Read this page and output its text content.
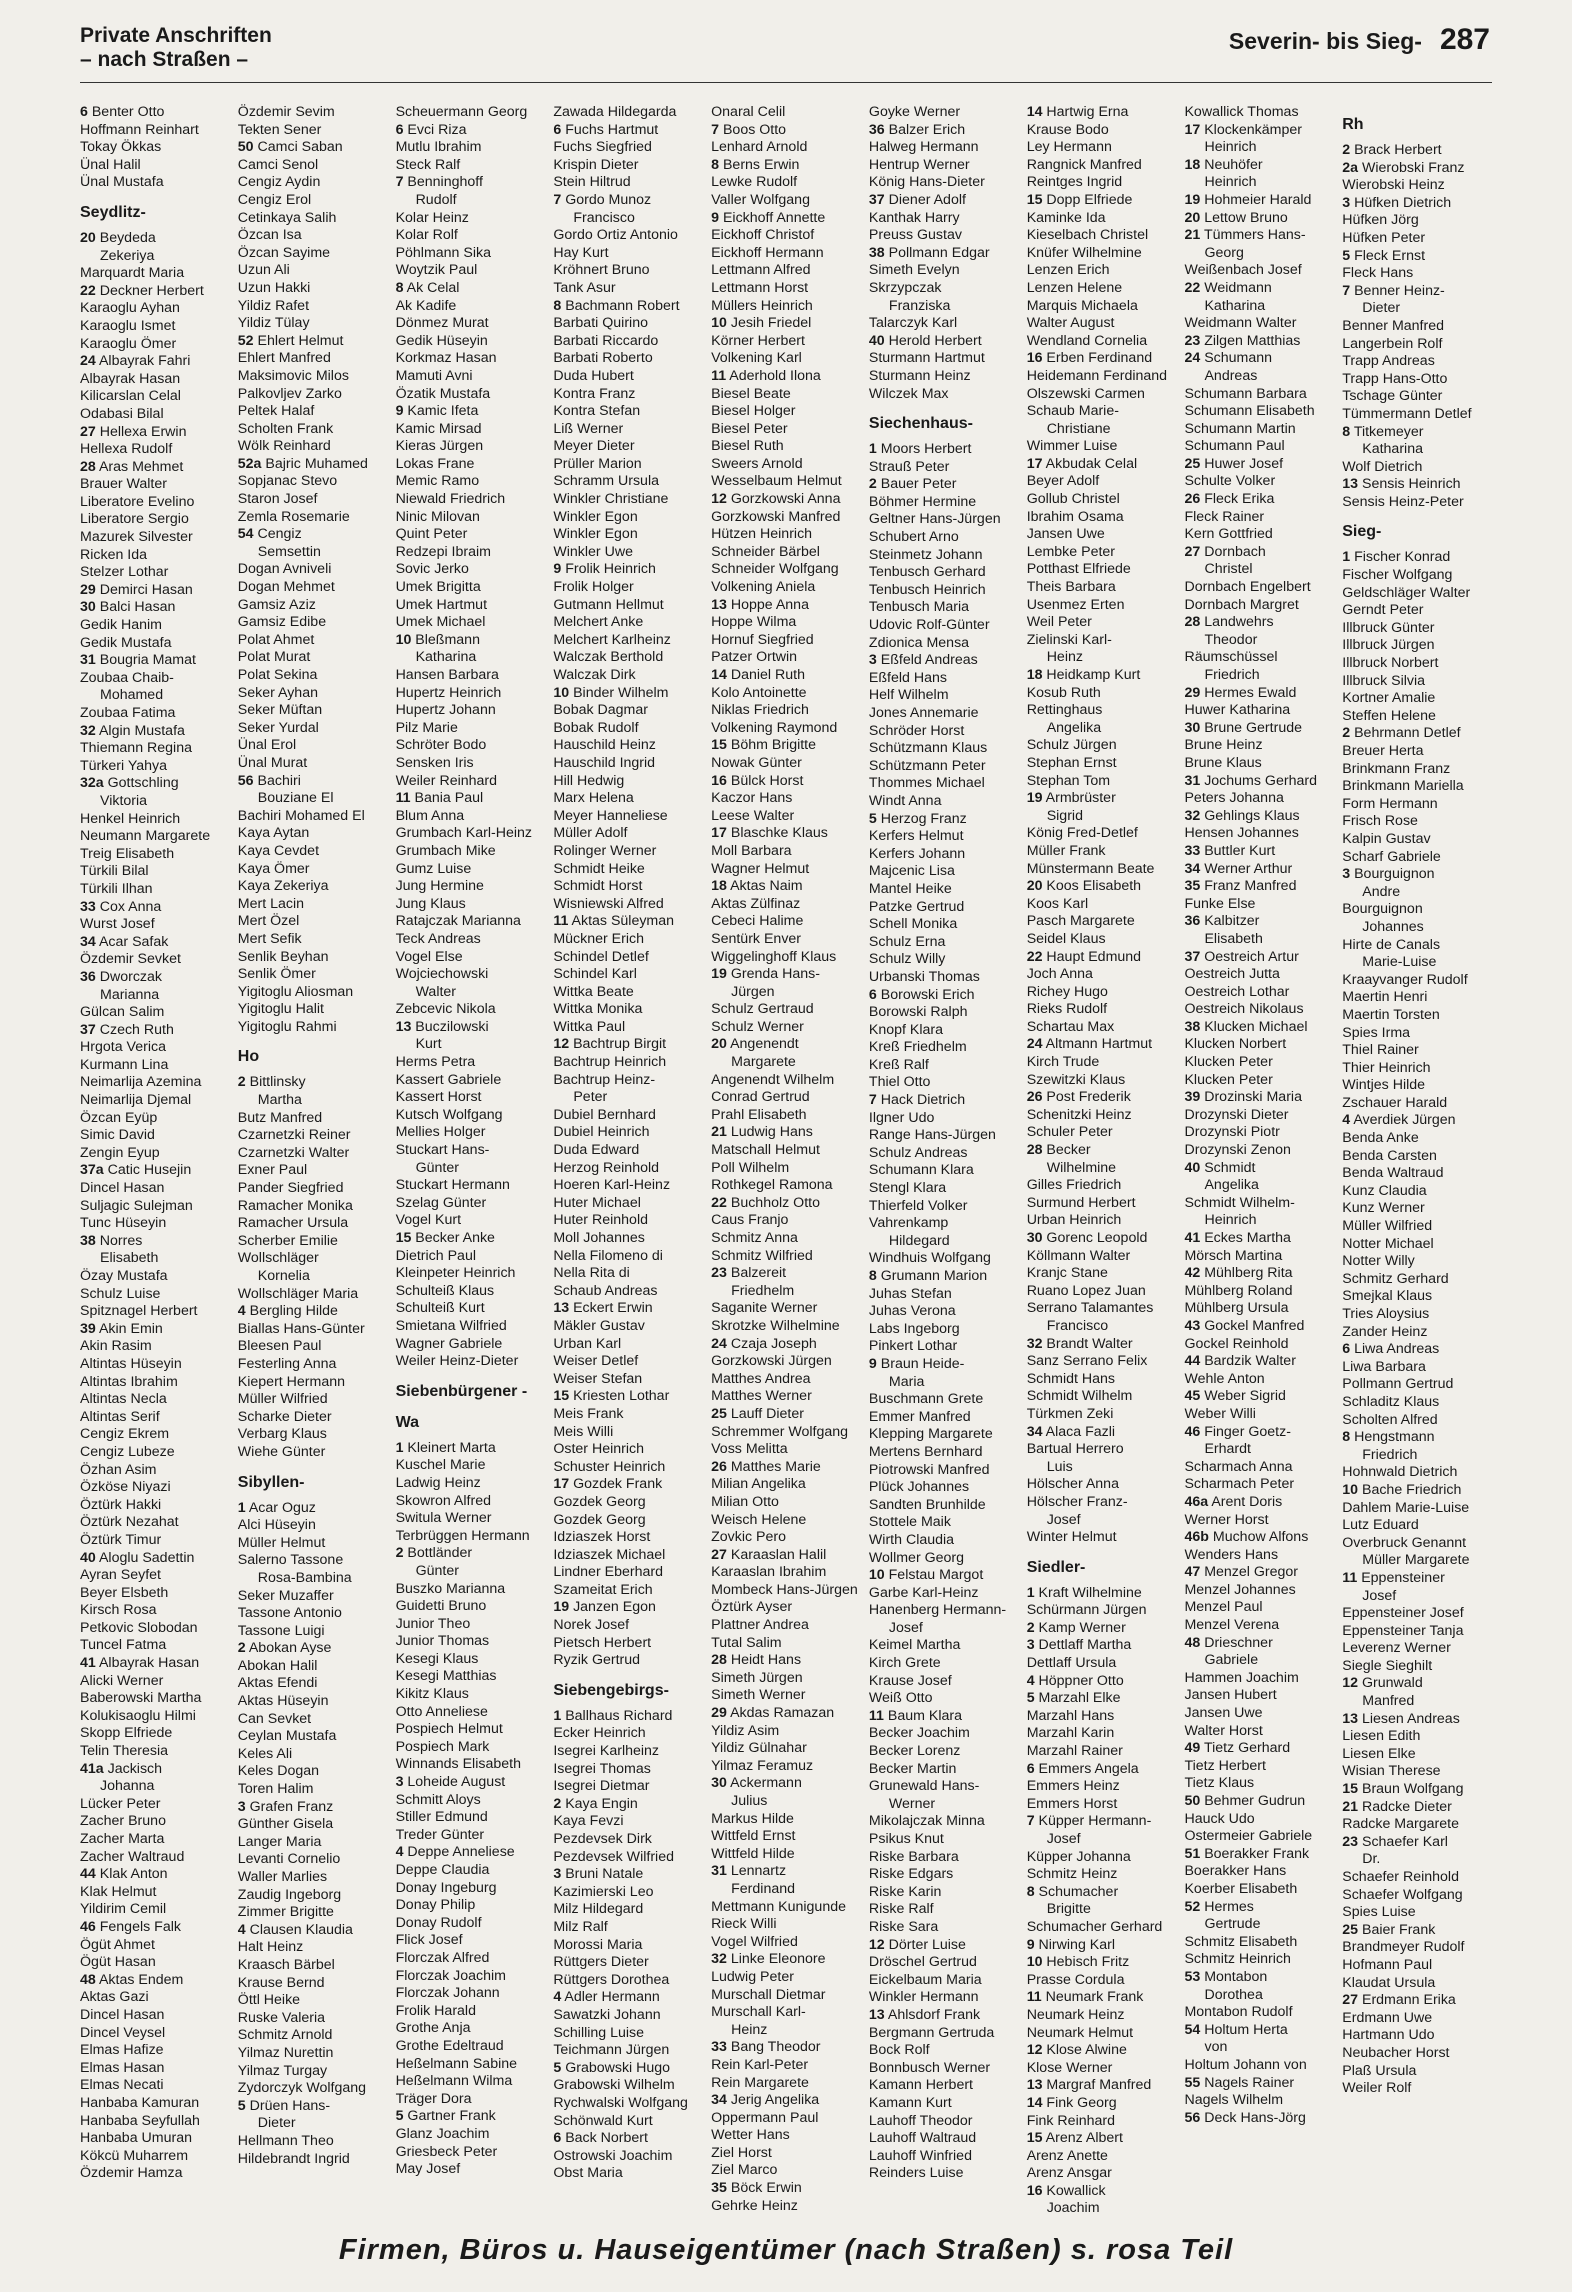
Private Anschriften
– nach Straßen –
Severin- bis Sieg- 287
6 Benter Otto
Hoffmann Reinhart
Tokay Ökkas
Ünal Halil
Ünal Mustafa
Seydlitz-
20 Beydeda
Zekeriya
Marquardt Maria
22 Deckner Herbert
Karaoglu Ayhan
Karaoglu Ismet
Karaoglu Ömer
24 Albayrak Fahri
Albayrak Hasan
Kilicarslan Celal
Odabasi Bilal
27 Hellexa Erwin
Hellexa Rudolf
28 Aras Mehmet
Brauer Walter
Liberatore Evelino
Liberatore Sergio
Mazurek Silvester
Ricken Ida
Stelzer Lothar
29 Demirci Hasan
30 Balci Hasan
Gedik Hanim
Gedik Mustafa
31 Bougria Mamat
Zoubaa Chaib-
Mohamed
Zoubaa Fatima
32 Algin Mustafa
Thiemann Regina
Türkeri Yahya
32a Gottschling
Viktoria
Henkel Heinrich
Neumann Margarete
Treig Elisabeth
Türkili Bilal
Türkili Ilhan
33 Cox Anna
Wurst Josef
34 Acar Safak
Özdemir Sevket
36 Dworczak
Marianna
Gülcan Salim
37 Czech Ruth
Hrgota Verica
Kurmann Lina
Neimarlija Azemina
Neimarlija Djemal
Özcan Eyüp
Simic David
Zengin Eyup
37a Catic Husejin
Dincel Hasan
Suljagic Sulejman
Tunc Hüseyin
38 Norres
Elisabeth
Özay Mustafa
Schulz Luise
Spitznagel Herbert
39 Akin Emin
Akin Rasim
Altintas Hüseyin
Altintas Ibrahim
Altintas Necla
Altintas Serif
Cengiz Ekrem
Cengiz Lubeze
Özhan Asim
Özköse Niyazi
Öztürk Hakki
Öztürk Nezahat
Öztürk Timur
40 Aloglu Sadettin
Ayran Seyfet
Beyer Elsbeth
Kirsch Rosa
Petkovic Slobodan
Tuncel Fatma
41 Albayrak Hasan
Alicki Werner
Baberowski Martha
Kolukisaoglu Hilmi
Skopp Elfriede
Telin Theresia
41a Jackisch
Johanna
Lücker Peter
Zacher Bruno
Zacher Marta
Zacher Waltraud
44 Klak Anton
Klak Helmut
Yildirim Cemil
46 Fengels Falk
Ögüt Ahmet
Ögüt Hasan
48 Aktas Endem
Aktas Gazi
Dincel Hasan
Dincel Veysel
Elmas Hafize
Elmas Hasan
Elmas Necati
Hanbaba Kamuran
Hanbaba Seyfullah
Hanbaba Umuran
Kökcü Muharrem
Özdemir Hamza
Özdemir Sevim
Tekten Sener
50 Camci Saban
Camci Senol
Cengiz Aydin
Cengiz Erol
Cetinkaya Salih
Özcan Isa
Özcan Sayime
Uzun Ali
Uzun Hakki
Yildiz Rafet
Yildiz Tülay
52 Ehlert Helmut
Ehlert Manfred
Maksimovic Milos
Palkovljev Zarko
Peltek Halaf
Scholten Frank
Wölk Reinhard
52a Bajric Muhamed
Sopjanac Stevo
Staron Josef
Zemla Rosemarie
54 Cengiz
Semsettin
Dogan Avniveli
Dogan Mehmet
Gamsiz Aziz
Gamsiz Edibe
Polat Ahmet
Polat Murat
Polat Sekina
Seker Ayhan
Seker Müftan
Seker Yurdal
Ünal Erol
Ünal Murat
56 Bachiri
Bouziane El
Bachiri Mohamed El
Kaya Aytan
Kaya Cevdet
Kaya Ömer
Kaya Zekeriya
Mert Lacin
Mert Özel
Mert Sefik
Senlik Beyhan
Senlik Ömer
Yigitoglu Aliosman
Yigitoglu Halit
Yigitoglu Rahmi
Ho
2 Bittlinsky
Martha
Butz Manfred
Czarnetzki Reiner
Czarnetzki Walter
Exner Paul
Pander Siegfried
Ramacher Monika
Ramacher Ursula
Scherber Emilie
Wollschläger
Kornelia
Wollschläger Maria
4 Bergling Hilde
Biallas Hans-Günter
Bleesen Paul
Festerling Anna
Kiepert Hermann
Müller Wilfried
Scharke Dieter
Verbarg Klaus
Wiehe Günter
Sibyllen-
1 Acar Oguz
Alci Hüseyin
Müller Helmut
Salerno Tassone
Rosa-Bambina
Seker Muzaffer
Tassone Antonio
Tassone Luigi
2 Abokan Ayse
Abokan Halil
Aktas Efendi
Aktas Hüseyin
Can Sevket
Ceylan Mustafa
Keles Ali
Keles Dogan
Toren Halim
3 Grafen Franz
Günther Gisela
Langer Maria
Levanti Cornelio
Waller Marlies
Zaudig Ingeborg
Zimmer Brigitte
4 Clausen Klaudia
Halt Heinz
Kraasch Bärbel
Krause Bernd
Öttl Heike
Ruske Valeria
Schmitz Arnold
Yilmaz Nurettin
Yilmaz Turgay
Zydorczyk Wolfgang
5 Drüen Hans-
Dieter
Hellmann Theo
Hildebrandt Ingrid
Scheuermann Georg
6 Evci Riza
Mutlu Ibrahim
Steck Ralf
7 Benninghoff
Rudolf
Kolar Heinz
Kolar Rolf
Pöhlmann Sika
Woytzik Paul
8 Ak Celal
Ak Kadife
Dönmez Murat
Gedik Hüseyin
Korkmaz Hasan
Mamuti Avni
Özatik Mustafa
9 Kamic Ifeta
Kamic Mirsad
Kieras Jürgen
Lokas Frane
Memic Ramo
Niewald Friedrich
Ninic Milovan
Quint Peter
Redzepi Ibraim
Sovic Jerko
Umek Brigitta
Umek Hartmut
Umek Michael
10 Bleßmann
Katharina
Hansen Barbara
Hupertz Heinrich
Hupertz Johann
Pilz Marie
Schröter Bodo
Sensken Iris
Weiler Reinhard
11 Bania Paul
Blum Anna
Grumbach Karl-Heinz
Grumbach Mike
Gumz Luise
Jung Hermine
Jung Klaus
Ratajczak Marianna
Teck Andreas
Vogel Else
Wojciechowski
Walter
Zebcevic Nikola
13 Buczilowski
Kurt
Herms Petra
Kassert Gabriele
Kassert Horst
Kutsch Wolfgang
Mellies Holger
Stuckart Hans-
Günter
Stuckart Hermann
Szelag Günter
Vogel Kurt
15 Becker Anke
Dietrich Paul
Kleinpeter Heinrich
Schulteiß Klaus
Schulteiß Kurt
Smietana Wilfried
Wagner Gabriele
Weiler Heinz-Dieter
Siebenbürgener -
Wa
1 Kleinert Marta
Kuschel Marie
Ladwig Heinz
Skowron Alfred
Switula Werner
Terbrüggen Hermann
2 Bottländer
Günter
Buszko Marianna
Guidetti Bruno
Junior Theo
Junior Thomas
Kesegi Klaus
Kesegi Matthias
Kikitz Klaus
Otto Anneliese
Pospiech Helmut
Pospiech Mark
Winnands Elisabeth
3 Loheide August
Schmitt Aloys
Stiller Edmund
Treder Günter
4 Deppe Anneliese
Deppe Claudia
Donay Ingeburg
Donay Philip
Donay Rudolf
Flick Josef
Florczak Alfred
Florczak Joachim
Florczak Johann
Frolik Harald
Grothe Anja
Grothe Edeltraud
Heßelmann Sabine
Heßelmann Wilma
Träger Dora
5 Gartner Frank
Glanz Joachim
Griesbeck Peter
May Josef
Zawada Hildegarda
6 Fuchs Hartmut
Fuchs Siegfried
Krispin Dieter
Stein Hiltrud
7 Gordo Munoz
Francisco
Gordo Ortiz Antonio
Hay Kurt
Kröhnert Bruno
Tank Asur
8 Bachmann Robert
Barbati Quirino
Barbati Riccardo
Barbati Roberto
Duda Hubert
Kontra Franz
Kontra Stefan
Liß Werner
Meyer Dieter
Prüller Marion
Schramm Ursula
Winkler Christiane
Winkler Egon
Winkler Egon
Winkler Uwe
9 Frolik Heinrich
Frolik Holger
Gutmann Hellmut
Melchert Anke
Melchert Karlheinz
Walczak Berthold
Walczak Dirk
10 Binder Wilhelm
Bobak Dagmar
Bobak Rudolf
Hauschild Heinz
Hauschild Ingrid
Hill Hedwig
Marx Helena
Meyer Hanneliese
Müller Adolf
Rolinger Werner
Schmidt Heike
Schmidt Horst
Wisniewski Alfred
11 Aktas Süleyman
Mückner Erich
Schindel Detlef
Schindel Karl
Wittka Beate
Wittka Monika
Wittka Paul
12 Bachtrup Birgit
Bachtrup Heinrich
Bachtrup Heinz-
Peter
Dubiel Bernhard
Dubiel Heinrich
Duda Edward
Herzog Reinhold
Hoeren Karl-Heinz
Huter Michael
Huter Reinhold
Moll Johannes
Nella Filomeno di
Nella Rita di
Schaub Andreas
13 Eckert Erwin
Mäkler Gustav
Urban Karl
Weiser Detlef
Weiser Stefan
15 Kriesten Lothar
Meis Frank
Meis Willi
Oster Heinrich
Schuster Heinrich
17 Gozdek Frank
Gozdek Georg
Gozdek Georg
Idziaszek Horst
Idziaszek Michael
Lindner Eberhard
Szameitat Erich
19 Janzen Egon
Norek Josef
Pietsch Herbert
Ryzik Gertrud
Siebengebirgs-
1 Ballhaus Richard
Ecker Heinrich
Isegrei Karlheinz
Isegrei Thomas
Isegrei Dietmar
2 Kaya Engin
Kaya Fevzi
Pezdevsek Dirk
Pezdevsek Wilfried
3 Bruni Natale
Kazimierski Leo
Milz Hildegard
Milz Ralf
Morossi Maria
Rüttgers Dieter
Rüttgers Dorothea
4 Adler Hermann
Sawatzki Johann
Schilling Luise
Teichmann Jürgen
5 Grabowski Hugo
Grabowski Wilhelm
Rychwalski Wolfgang
Schönwald Kurt
6 Back Norbert
Ostrowski Joachim
Obst Maria
Onaral Celil
7 Boos Otto
Lenhard Arnold
8 Berns Erwin
Lewke Rudolf
Valler Wolfgang
9 Eickhoff Annette
Eickhoff Christof
Eickhoff Hermann
Lettmann Alfred
Lettmann Horst
Müllers Heinrich
10 Jesih Friedel
Körner Herbert
Volkening Karl
11 Aderhold Ilona
Biesel Beate
Biesel Holger
Biesel Peter
Biesel Ruth
Sweers Arnold
Wesselbaum Helmut
12 Gorzkowski Anna
Gorzkowski Manfred
Hützen Heinrich
Schneider Bärbel
Schneider Wolfgang
Volkening Aniela
13 Hoppe Anna
Hoppe Wilma
Hornuf Siegfried
Patzer Ortwin
14 Daniel Ruth
Kolo Antoinette
Niklas Friedrich
Volkening Raymond
15 Böhm Brigitte
Nowak Günter
16 Bülck Horst
Kaczor Hans
Leese Walter
17 Blaschke Klaus
Moll Barbara
Wagner Helmut
18 Aktas Naim
Aktas Zülfinaz
Cebeci Halime
Sentürk Enver
Wiggelinghoff Klaus
19 Grenda Hans-
Jürgen
Schulz Gertraud
Schulz Werner
20 Angenendt
Margarete
Angenendt Wilhelm
Conrad Gertrud
Prahl Elisabeth
21 Ludwig Hans
Matschall Helmut
Poll Wilhelm
Rothkegel Ramona
22 Buchholz Otto
Caus Franjo
Schmitz Anna
Schmitz Wilfried
23 Balzereit
Friedhelm
Saganite Werner
Skrotzke Wilhelmine
24 Czaja Joseph
Gorzkowski Jürgen
Matthes Andrea
Matthes Werner
25 Lauff Dieter
Schremmer Wolfgang
Voss Melitta
26 Matthes Marie
Milian Angelika
Milian Otto
Weisch Helene
Zovkic Pero
27 Karaaslan Halil
Karaaslan Ibrahim
Mombeck Hans-Jürgen
Öztürk Ayser
Plattner Andrea
Tutal Salim
28 Heidt Hans
Simeth Jürgen
Simeth Werner
29 Akdas Ramazan
Yildiz Asim
Yildiz Gülnahar
Yilmaz Feramuz
30 Ackermann
Julius
Markus Hilde
Wittfeld Ernst
Wittfeld Hilde
31 Lennartz
Ferdinand
Mettmann Kunigunde
Rieck Willi
Vogel Wilfried
32 Linke Eleonore
Ludwig Peter
Murschall Dietmar
Murschall Karl-
Heinz
33 Bang Theodor
Rein Karl-Peter
Rein Margarete
34 Jerig Angelika
Oppermann Paul
Wetter Hans
Ziel Horst
Ziel Marco
35 Böck Erwin
Gehrke Heinz
Goyke Werner
36 Balzer Erich
Halweg Hermann
Hentrup Werner
König Hans-Dieter
37 Diener Adolf
Kanthak Harry
Preuss Gustav
38 Pollmann Edgar
Simeth Evelyn
Skrzypczak
Franziska
Talarczyk Karl
40 Herold Herbert
Sturmann Hartmut
Sturmann Heinz
Wilczek Max
Siechenhaus-
1 Moors Herbert
Strauß Peter
2 Bauer Peter
Böhmer Hermine
Geltner Hans-Jürgen
Schubert Arno
Steinmetz Johann
Tenbusch Gerhard
Tenbusch Heinrich
Tenbusch Maria
Udovic Rolf-Günter
Zdionica Mensa
3 Eßfeld Andreas
Eßfeld Hans
Helf Wilhelm
Jones Annemarie
Schröder Horst
Schützmann Klaus
Schützmann Peter
Thommes Michael
Windt Anna
5 Herzog Franz
Kerfers Helmut
Kerfers Johann
Majcenic Lisa
Mantel Heike
Patzke Gertrud
Schell Monika
Schulz Erna
Schulz Willy
Urbanski Thomas
6 Borowski Erich
Borowski Ralph
Knopf Klara
Kreß Friedhelm
Kreß Ralf
Thiel Otto
7 Hack Dietrich
Ilgner Udo
Range Hans-Jürgen
Schulz Andreas
Schumann Klara
Stengl Klara
Thierfeld Volker
Vahrenkamp
Hildegard
Windhuis Wolfgang
8 Grumann Marion
Juhas Stefan
Juhas Verona
Labs Ingeborg
Pinkert Lothar
9 Braun Heide-
Maria
Buschmann Grete
Emmer Manfred
Klepping Margarete
Mertens Bernhard
Piotrowski Manfred
Plück Johannes
Sandten Brunhilde
Stottele Maik
Wirth Claudia
Wollmer Georg
10 Felstau Margot
Garbe Karl-Heinz
Hanenberg Hermann-
Josef
Keimel Martha
Kirch Grete
Krause Josef
Weiß Otto
11 Baum Klara
Becker Joachim
Becker Lorenz
Becker Martin
Grunewald Hans-
Werner
Mikolajczak Minna
Psikus Knut
Riske Barbara
Riske Edgars
Riske Karin
Riske Ralf
Riske Sara
12 Dörter Luise
Dröschel Gertrud
Eickelbaum Maria
Winkler Hermann
13 Ahlsdorf Frank
Bergmann Gertruda
Bock Rolf
Bonnbusch Werner
Kamann Herbert
Kamann Kurt
Lauhoff Theodor
Lauhoff Waltraud
Lauhoff Winfried
Reinders Luise
14 Hartwig Erna
Krause Bodo
Ley Hermann
Rangnick Manfred
Reintges Ingrid
15 Dopp Elfriede
Kaminke Ida
Kieselbach Christel
Knüfer Wilhelmine
Lenzen Erich
Lenzen Helene
Marquis Michaela
Walter August
Wendland Cornelia
16 Erben Ferdinand
Heidemann Ferdinand
Olszewski Carmen
Schaub Marie-
Christiane
Wimmer Luise
17 Akbudak Celal
Beyer Adolf
Gollub Christel
Ibrahim Osama
Jansen Uwe
Lembke Peter
Potthast Elfriede
Theis Barbara
Usenmez Erten
Weil Peter
Zielinski Karl-
Heinz
18 Heidkamp Kurt
Kosub Ruth
Rettinghaus
Angelika
Schulz Jürgen
Stephan Ernst
Stephan Tom
19 Armbrüster
Sigrid
König Fred-Detlef
Müller Frank
Münstermann Beate
20 Koos Elisabeth
Koos Karl
Pasch Margarete
Seidel Klaus
22 Haupt Edmund
Joch Anna
Richey Hugo
Rieks Rudolf
Schartau Max
24 Altmann Hartmut
Kirch Trude
Szewitzki Klaus
26 Post Frederik
Schenitzki Heinz
Schuler Peter
28 Becker
Wilhelmine
Gilles Friedrich
Surmund Herbert
Urban Heinrich
30 Gorenc Leopold
Köllmann Walter
Kranjc Stane
Ruano Lopez Juan
Serrano Talamantes
Francisco
32 Brandt Walter
Sanz Serrano Felix
Schmidt Hans
Schmidt Wilhelm
Türkmen Zeki
34 Alaca Fazli
Bartual Herrero
Luis
Hölscher Anna
Hölscher Franz-
Josef
Winter Helmut
Siedler-
1 Kraft Wilhelmine
Schürmann Jürgen
2 Kamp Werner
3 Dettlaff Martha
Dettlaff Ursula
4 Höppner Otto
5 Marzahl Elke
Marzahl Hans
Marzahl Karin
Marzahl Rainer
6 Emmers Angela
Emmers Heinz
Emmers Horst
7 Küpper Hermann-
Josef
Küpper Johanna
Schmitz Heinz
8 Schumacher
Brigitte
Schumacher Gerhard
9 Nirwing Karl
10 Hebisch Fritz
Prasse Cordula
11 Neumark Frank
Neumark Heinz
Neumark Helmut
12 Klose Alwine
Klose Werner
13 Margraf Manfred
14 Fink Georg
Fink Reinhard
15 Arenz Albert
Arenz Anette
Arenz Ansgar
16 Kowallick
Joachim
Kowallick Thomas
17 Klockenkämper
Heinrich
18 Neuhöfer
Heinrich
19 Hohmeier Harald
20 Lettow Bruno
21 Tümmers Hans-
Georg
Weißenbach Josef
22 Weidmann
Katharina
Weidmann Walter
23 Zilgen Matthias
24 Schumann
Andreas
Schumann Barbara
Schumann Elisabeth
Schumann Martin
Schumann Paul
25 Huwer Josef
Schulte Volker
26 Fleck Erika
Fleck Rainer
Kern Gottfried
27 Dornbach
Christel
Dornbach Engelbert
Dornbach Margret
28 Landwehrs
Theodor
Räumschüssel
Friedrich
29 Hermes Ewald
Huwer Katharina
30 Brune Gertrude
Brune Heinz
Brune Klaus
31 Jochums Gerhard
Peters Johanna
32 Gehlings Klaus
Hensen Johannes
33 Buttler Kurt
34 Werner Arthur
35 Franz Manfred
Funke Else
36 Kalbitzer
Elisabeth
37 Oestreich Artur
Oestreich Jutta
Oestreich Lothar
Oestreich Nikolaus
38 Klucken Michael
Klucken Norbert
Klucken Peter
Klucken Peter
39 Drozinski Maria
Drozynski Dieter
Drozynski Piotr
Drozynski Zenon
40 Schmidt
Angelika
Schmidt Wilhelm-
Heinrich
41 Eckes Martha
Mörsch Martina
42 Mühlberg Rita
Mühlberg Roland
Mühlberg Ursula
43 Gockel Manfred
Gockel Reinhold
44 Bardzik Walter
Wehle Anton
45 Weber Sigrid
Weber Willi
46 Finger Goetz-
Erhardt
Scharmach Anna
Scharmach Peter
46a Arent Doris
Werner Horst
46b Muchow Alfons
Wenders Hans
47 Menzel Gregor
Menzel Johannes
Menzel Paul
Menzel Verena
48 Drieschner
Gabriele
Hammen Joachim
Jansen Hubert
Jansen Uwe
Walter Horst
49 Tietz Gerhard
Tietz Herbert
Tietz Klaus
50 Behmer Gudrun
Hauck Udo
Ostermeier Gabriele
51 Boerakker Frank
Boerakker Hans
Koerber Elisabeth
52 Hermes
Gertrude
Schmitz Elisabeth
Schmitz Heinrich
53 Montabon
Dorothea
Montabon Rudolf
54 Holtum Herta
von
Holtum Johann von
55 Nagels Rainer
Nagels Wilhelm
56 Deck Hans-Jörg
Rh
2 Brack Herbert
2a Wierobski Franz
Wierobski Heinz
3 Hüfken Dietrich
Hüfken Jörg
Hüfken Peter
5 Fleck Ernst
Fleck Hans
7 Benner Heinz-
Dieter
Benner Manfred
Langerbein Rolf
Trapp Andreas
Trapp Hans-Otto
Tschage Günter
Tümmermann Detlef
8 Titkemeyer
Katharina
Wolf Dietrich
13 Sensis Heinrich
Sensis Heinz-Peter
Sieg-
1 Fischer Konrad
Fischer Wolfgang
Geldschläger Walter
Gerndt Peter
Illbruck Günter
Illbruck Jürgen
Illbruck Norbert
Illbruck Silvia
Kortner Amalie
Steffen Helene
2 Behrmann Detlef
Breuer Herta
Brinkmann Franz
Brinkmann Mariella
Form Hermann
Frisch Rose
Kalpin Gustav
Scharf Gabriele
3 Bourguignon
Andre
Bourguignon
Johannes
Hirte de Canals
Marie-Luise
Kraayvanger Rudolf
Maertin Henri
Maertin Torsten
Spies Irma
Thiel Rainer
Thier Heinrich
Wintjes Hilde
Zschauer Harald
4 Averdiek Jürgen
Benda Anke
Benda Carsten
Benda Waltraud
Kunz Claudia
Kunz Werner
Müller Wilfried
Notter Michael
Notter Willy
Schmitz Gerhard
Smejkal Klaus
Tries Aloysius
Zander Heinz
6 Liwa Andreas
Liwa Barbara
Pollmann Gertrud
Schladitz Klaus
Scholten Alfred
8 Hengstmann
Friedrich
Hohnwald Dietrich
10 Bache Friedrich
Dahlem Marie-Luise
Lutz Eduard
Overbruck Genannt
Müller Margarete
11 Eppensteiner
Josef
Eppensteiner Josef
Eppensteiner Tanja
Leverenz Werner
Siegle Sieghilt
12 Grunwald
Manfred
13 Liesen Andreas
Liesen Edith
Liesen Elke
Wisian Therese
15 Braun Wolfgang
21 Radcke Dieter
Radcke Margarete
23 Schaefer Karl
Dr.
Schaefer Reinhold
Schaefer Wolfgang
Spies Luise
25 Baier Frank
Brandmeyer Rudolf
Hofmann Paul
Klaudat Ursula
27 Erdmann Erika
Erdmann Uwe
Hartmann Udo
Neubacher Horst
Plaß Ursula
Weiler Rolf
Firmen, Büros u. Hauseigentümer (nach Straßen) s. rosa Teil
